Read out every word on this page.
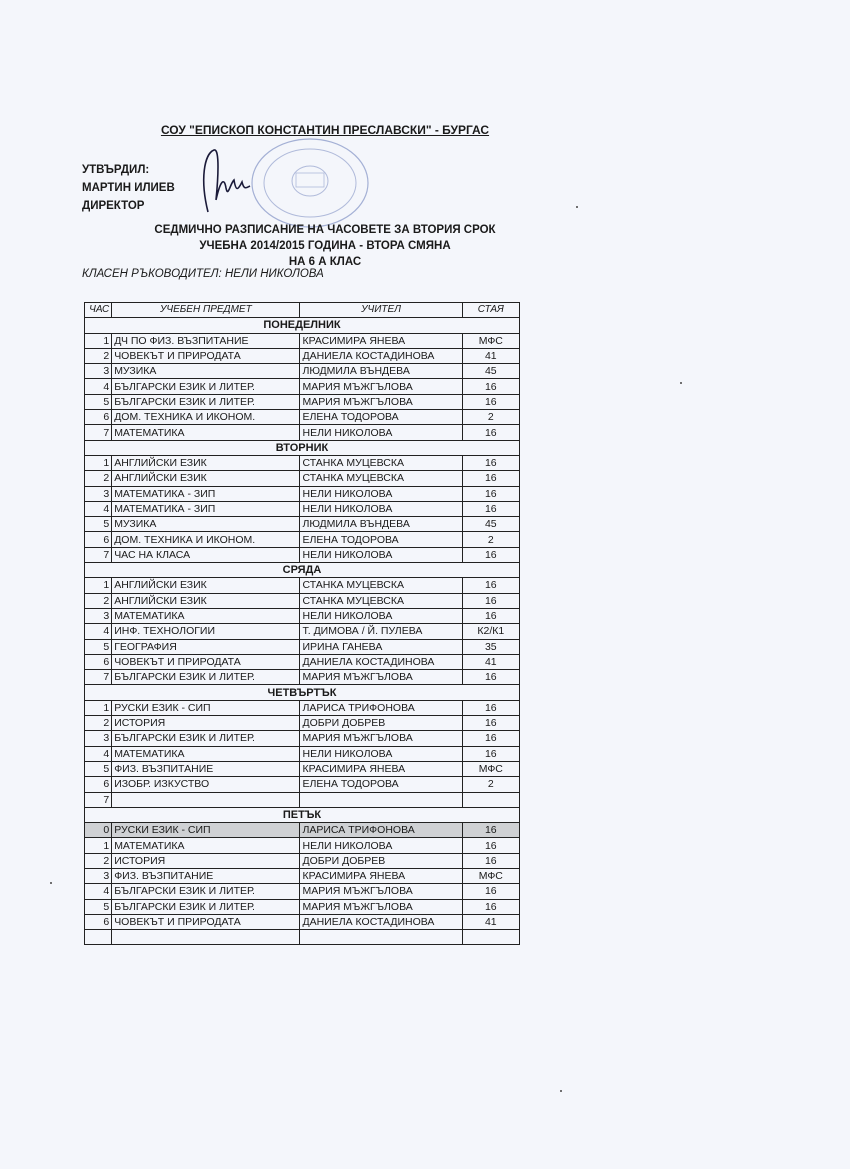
СОУ "ЕПИСКОП КОНСТАНТИН ПРЕСЛАВСКИ" - БУРГАС
УТВЪРДИЛ:
МАРТИН ИЛИЕВ
ДИРЕКТОР
СЕДМИЧНО РАЗПИСАНИЕ НА ЧАСОВЕТЕ ЗА ВТОРИЯ СРОК
УЧЕБНА 2014/2015 ГОДИНА - ВТОРА СМЯНА
НА 6 А КЛАС
КЛАСЕН РЪКОВОДИТЕЛ: НЕЛИ НИКОЛОВА
ЧАС	УЧЕБЕН ПРЕДМЕТ	УЧИТЕЛ	СТАЯ
ПОНЕДЕЛНИК			
1	ДЧ ПО ФИЗ. ВЪЗПИТАНИЕ	КРАСИМИРА ЯНЕВА	МФС
2	ЧОВЕКЪТ И ПРИРОДАТА	ДАНИЕЛА КОСТАДИНОВА	41
3	МУЗИКА	ЛЮДМИЛА ВЪНДЕВА	45
4	БЪЛГАРСКИ ЕЗИК И ЛИТЕР.	МАРИЯ МЪЖГЪЛОВА	16
5	БЪЛГАРСКИ ЕЗИК И ЛИТЕР.	МАРИЯ МЪЖГЪЛОВА	16
6	ДОМ. ТЕХНИКА И ИКОНОМ.	ЕЛЕНА ТОДОРОВА	2
7	МАТЕМАТИКА	НЕЛИ НИКОЛОВА	16
ВТОРНИК			
1	АНГЛИЙСКИ ЕЗИК	СТАНКА МУЦЕВСКА	16
2	АНГЛИЙСКИ ЕЗИК	СТАНКА МУЦЕВСКА	16
3	МАТЕМАТИКА - ЗИП	НЕЛИ НИКОЛОВА	16
4	МАТЕМАТИКА - ЗИП	НЕЛИ НИКОЛОВА	16
5	МУЗИКА	ЛЮДМИЛА ВЪНДЕВА	45
6	ДОМ. ТЕХНИКА И ИКОНОМ.	ЕЛЕНА ТОДОРОВА	2
7	ЧАС НА КЛАСА	НЕЛИ НИКОЛОВА	16
СРЯДА			
1	АНГЛИЙСКИ ЕЗИК	СТАНКА МУЦЕВСКА	16
2	АНГЛИЙСКИ ЕЗИК	СТАНКА МУЦЕВСКА	16
3	МАТЕМАТИКА	НЕЛИ НИКОЛОВА	16
4	ИНФ. ТЕХНОЛОГИИ	Т. ДИМОВА / Й. ПУЛЕВА	К2/К1
5	ГЕОГРАФИЯ	ИРИНА ГАНЕВА	35
6	ЧОВЕКЪТ И ПРИРОДАТА	ДАНИЕЛА КОСТАДИНОВА	41
7	БЪЛГАРСКИ ЕЗИК И ЛИТЕР.	МАРИЯ МЪЖГЪЛОВА	16
ЧЕТВЪРТЪК			
1	РУСКИ ЕЗИК - СИП	ЛАРИСА ТРИФОНОВА	16
2	ИСТОРИЯ	ДОБРИ ДОБРЕВ	16
3	БЪЛГАРСКИ ЕЗИК И ЛИТЕР.	МАРИЯ МЪЖГЪЛОВА	16
4	МАТЕМАТИКА	НЕЛИ НИКОЛОВА	16
5	ФИЗ. ВЪЗПИТАНИЕ	КРАСИМИРА ЯНЕВА	МФС
6	ИЗОБР. ИЗКУСТВО	ЕЛЕНА ТОДОРОВА	2
7			
ПЕТЪК			
0	РУСКИ ЕЗИК - СИП	ЛАРИСА ТРИФОНОВА	16
1	МАТЕМАТИКА	НЕЛИ НИКОЛОВА	16
2	ИСТОРИЯ	ДОБРИ ДОБРЕВ	16
3	ФИЗ. ВЪЗПИТАНИЕ	КРАСИМИРА ЯНЕВА	МФС
4	БЪЛГАРСКИ ЕЗИК И ЛИТЕР.	МАРИЯ МЪЖГЪЛОВА	16
5	БЪЛГАРСКИ ЕЗИК И ЛИТЕР.	МАРИЯ МЪЖГЪЛОВА	16
6	ЧОВЕКЪТ И ПРИРОДАТА	ДАНИЕЛА КОСТАДИНОВА	41
